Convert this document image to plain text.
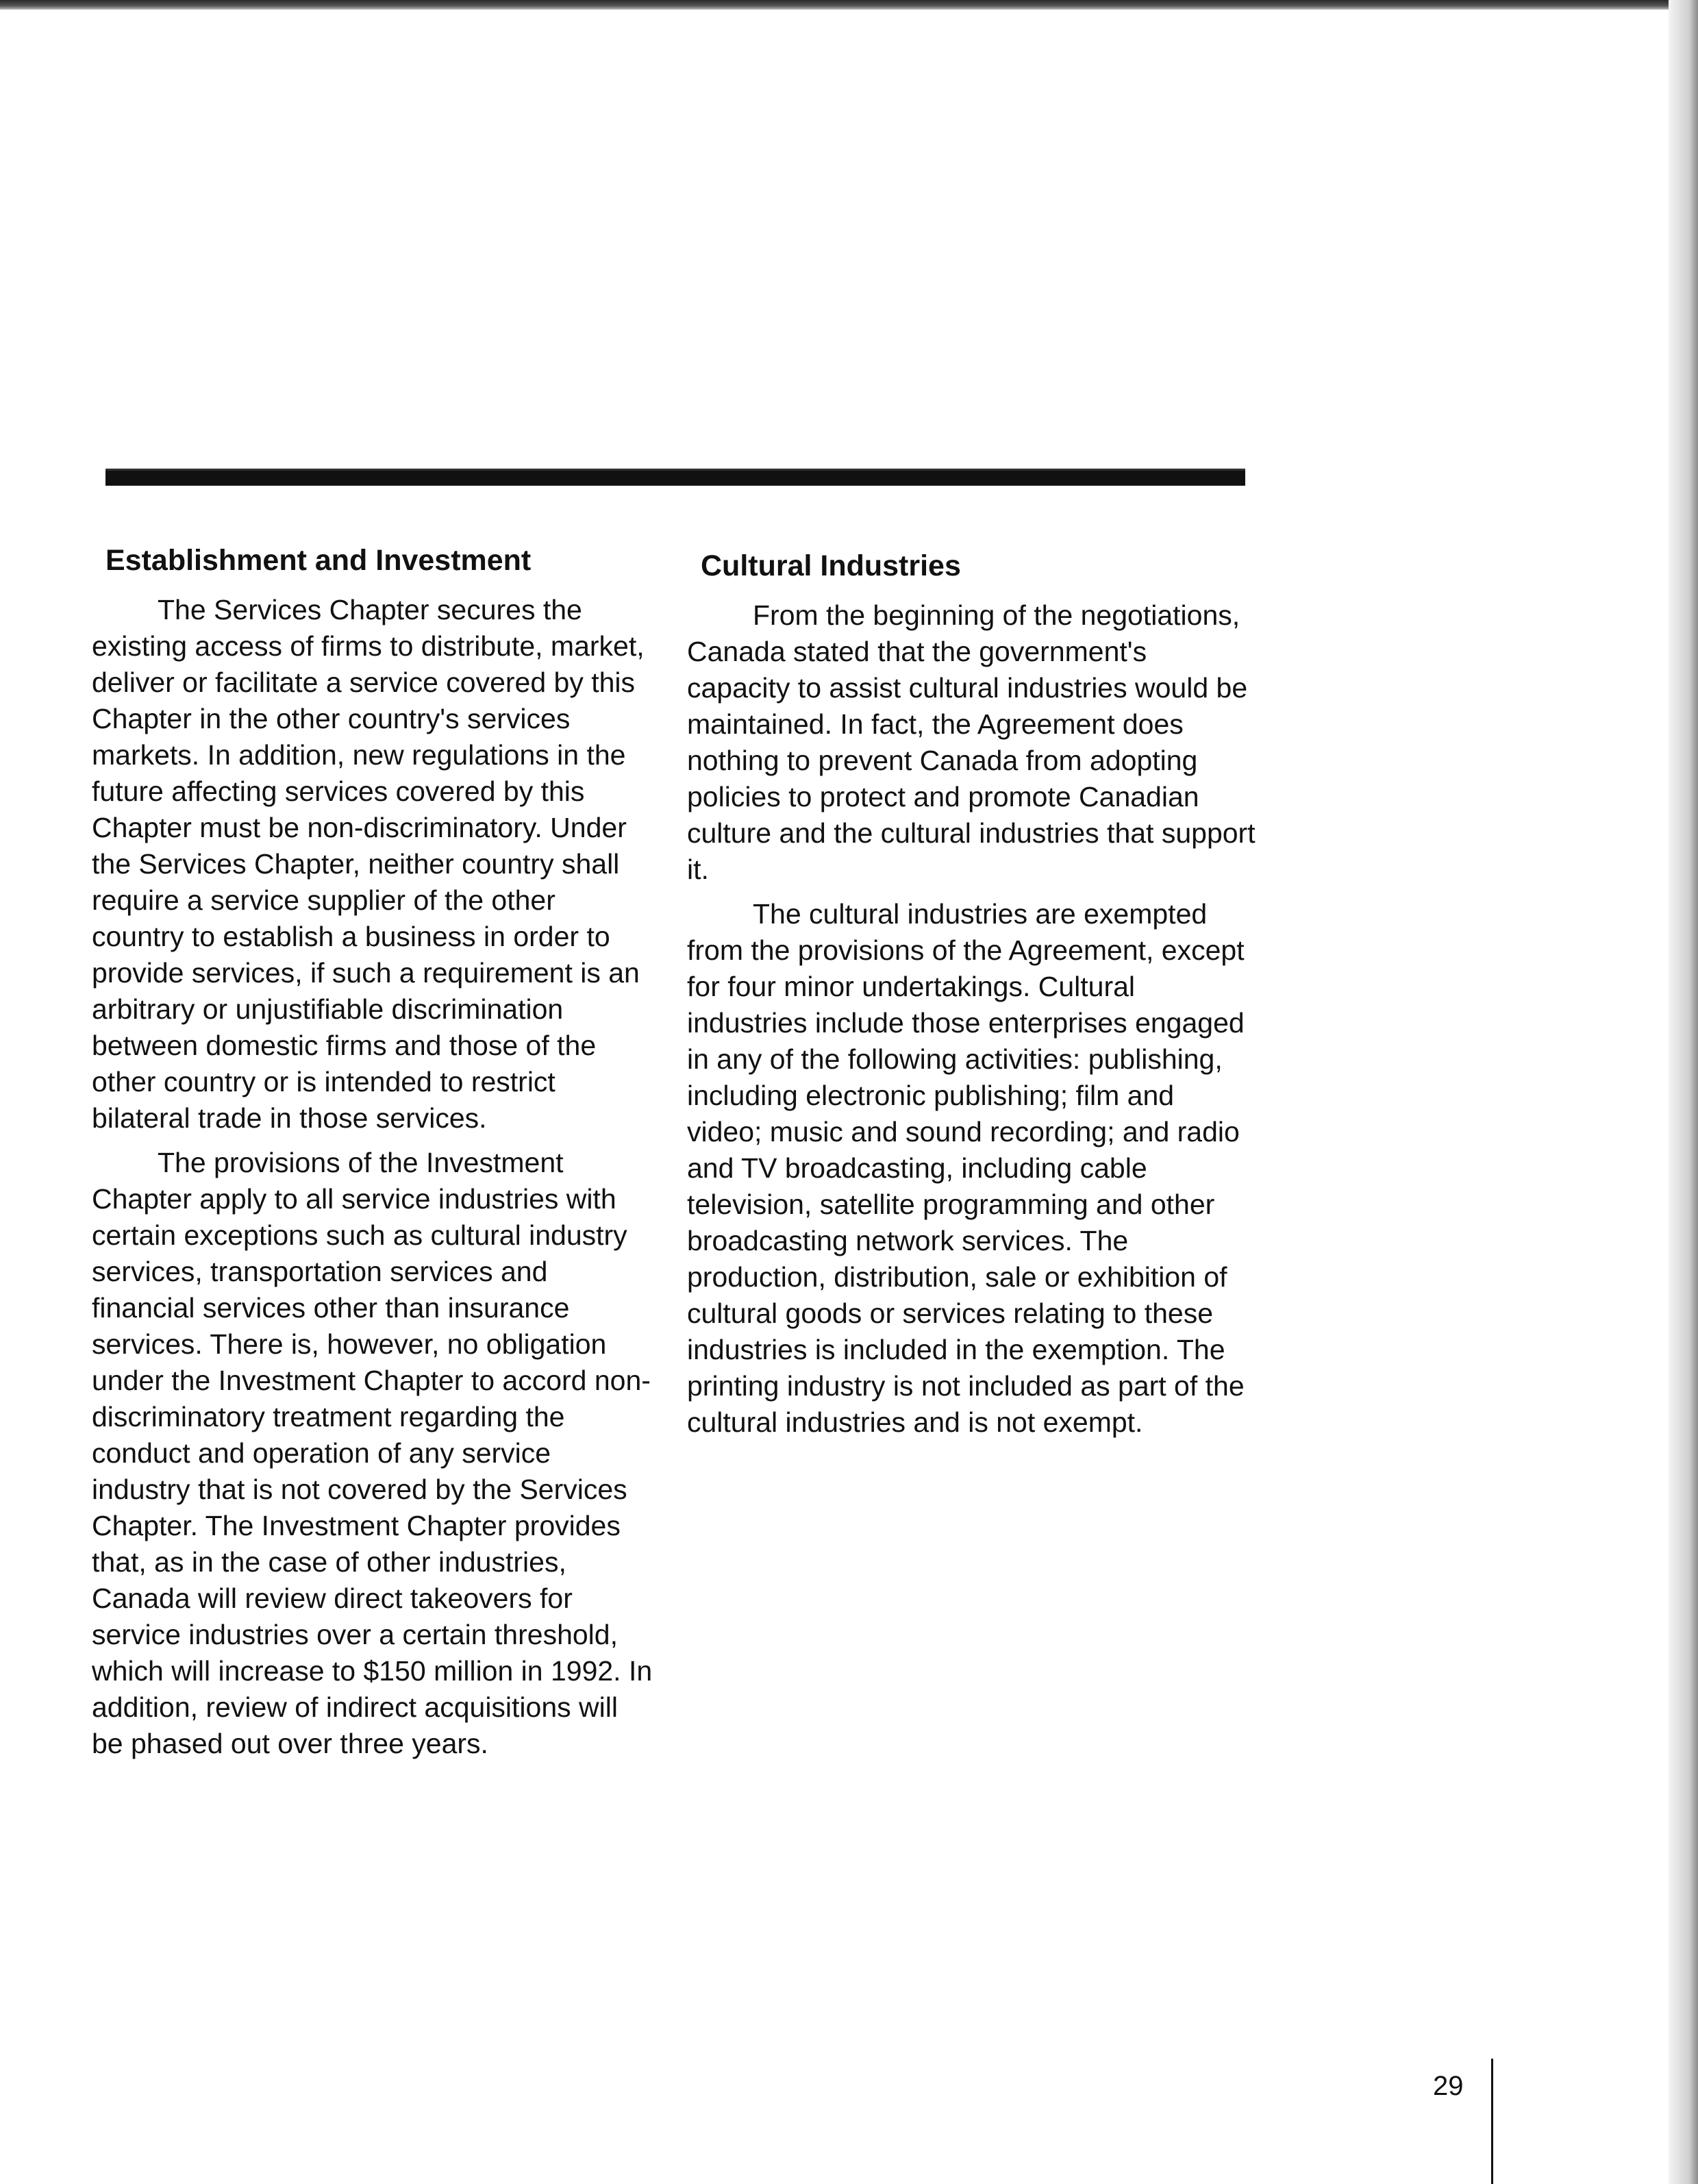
Establishment and Investment

The Services Chapter secures the existing access of firms to distribute, market, deliver or facilitate a service covered by this Chapter in the other country's services markets. In addition, new regulations in the future affecting services covered by this Chapter must be non-discriminatory. Under the Services Chapter, neither country shall require a service supplier of the other country to establish a business in order to provide services, if such a requirement is an arbitrary or unjustifiable discrimination between domestic firms and those of the other country or is intended to restrict bilateral trade in those services.

The provisions of the Investment Chapter apply to all service industries with certain exceptions such as cultural industry services, transportation services and financial services other than insurance services. There is, however, no obligation under the Investment Chapter to accord non-discriminatory treatment regarding the conduct and operation of any service industry that is not covered by the Services Chapter. The Investment Chapter provides that, as in the case of other industries, Canada will review direct takeovers for service industries over a certain threshold, which will increase to $150 million in 1992. In addition, review of indirect acquisitions will be phased out over three years.

Cultural Industries

From the beginning of the negotiations, Canada stated that the government's capacity to assist cultural industries would be maintained. In fact, the Agreement does nothing to prevent Canada from adopting policies to protect and promote Canadian culture and the cultural industries that support it.

The cultural industries are exempted from the provisions of the Agreement, except for four minor undertakings. Cultural industries include those enterprises engaged in any of the following activities: publishing, including electronic publishing; film and video; music and sound recording; and radio and TV broadcasting, including cable television, satellite programming and other broadcasting network services. The production, distribution, sale or exhibition of cultural goods or services relating to these industries is included in the exemption. The printing industry is not included as part of the cultural industries and is not exempt.

29
